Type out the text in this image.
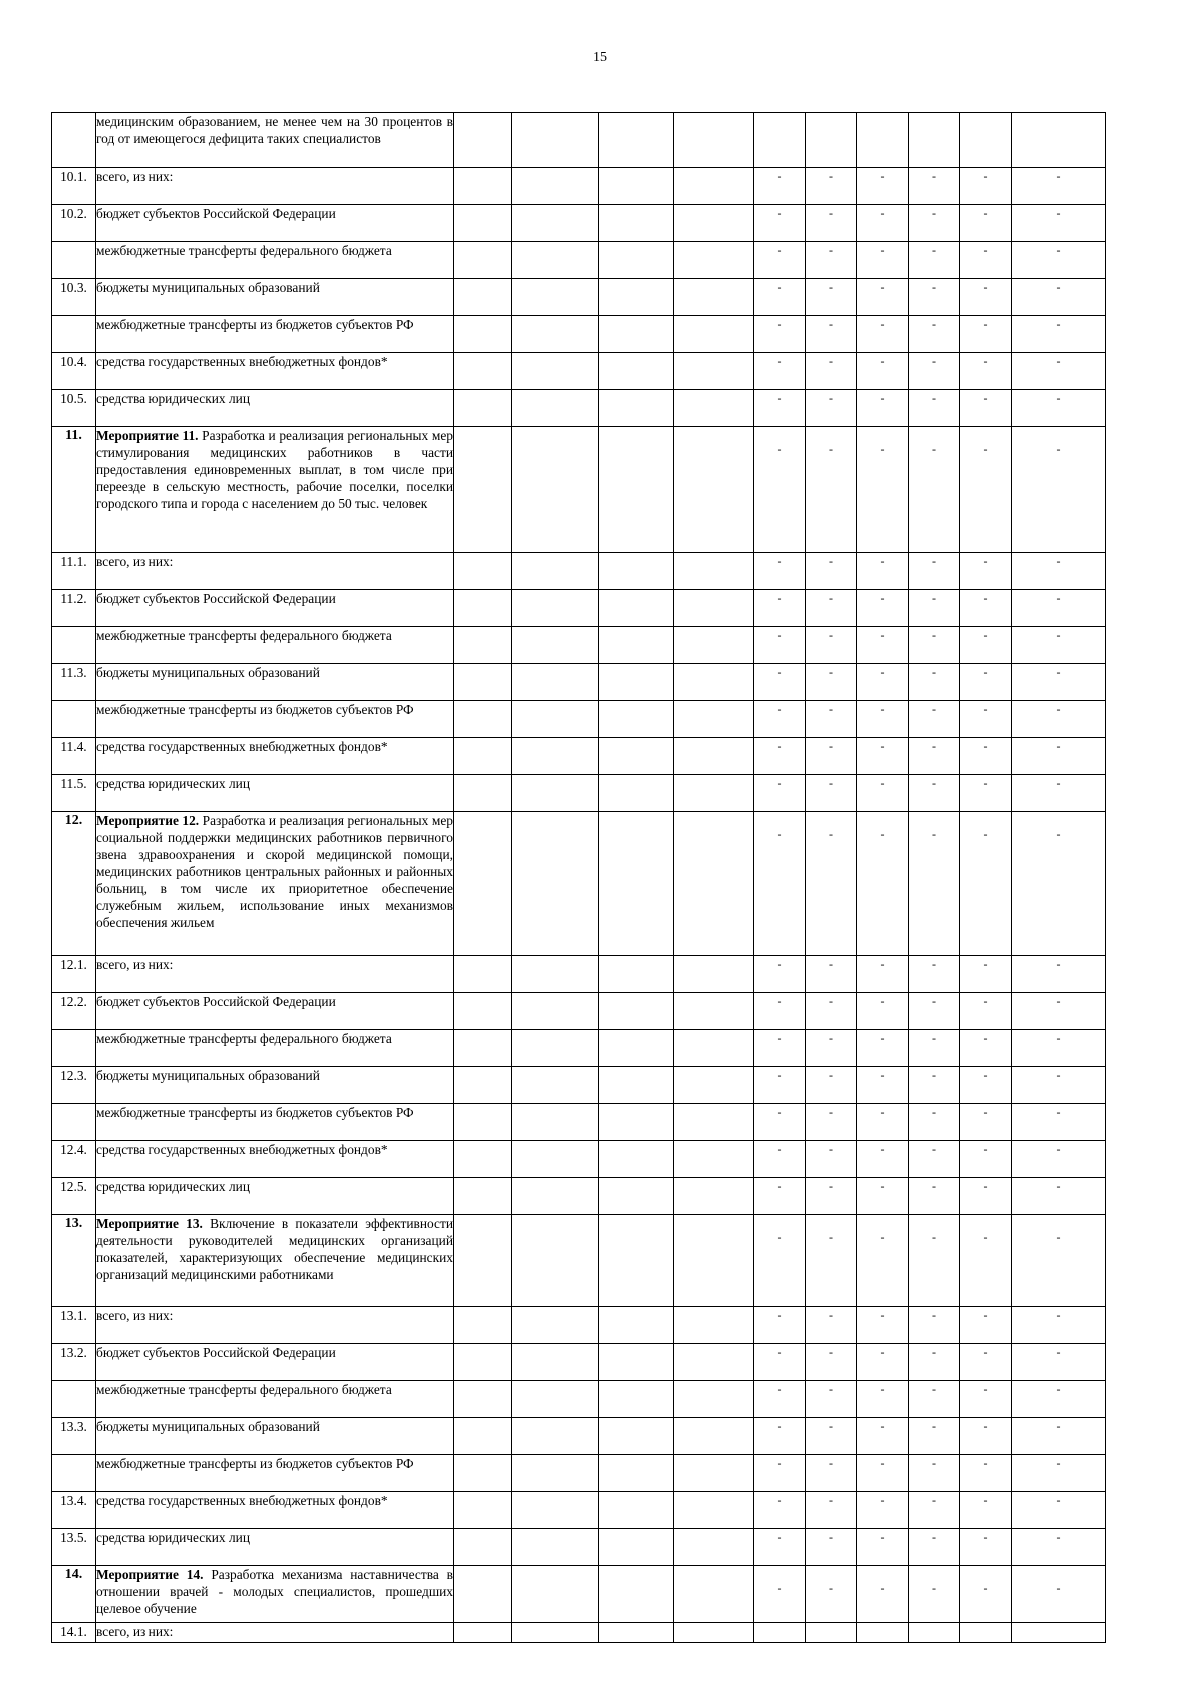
15
	медицинским образованием, не менее чем на 30 процентов в год от имеющегося дефицита таких специалистов										
10.1.	всего, из них:					-	-	-	-	-	-
10.2.	бюджет субъектов Российской Федерации					-	-	-	-	-	-
	межбюджетные трансферты федерального бюджета					-	-	-	-	-	-
10.3.	бюджеты муниципальных образований					-	-	-	-	-	-
	межбюджетные трансферты из бюджетов субъектов РФ					-	-	-	-	-	-
10.4.	средства государственных внебюджетных фондов*					-	-	-	-	-	-
10.5.	средства юридических лиц					-	-	-	-	-	-
11.	Мероприятие 11. Разработка и реализация региональных мер стимулирования медицинских работников в части предоставления единовременных выплат, в том числе при переезде в сельскую местность, рабочие поселки, поселки городского типа и города с населением до 50 тыс. человек					-	-	-	-	-	-
11.1.	всего, из них:					-	-	-	-	-	-
11.2.	бюджет субъектов Российской Федерации					-	-	-	-	-	-
	межбюджетные трансферты федерального бюджета					-	-	-	-	-	-
11.3.	бюджеты муниципальных образований					-	-	-	-	-	-
	межбюджетные трансферты из бюджетов субъектов РФ					-	-	-	-	-	-
11.4.	средства государственных внебюджетных фондов*					-	-	-	-	-	-
11.5.	средства юридических лиц					-	-	-	-	-	-
12.	Мероприятие 12. Разработка и реализация региональных мер социальной поддержки медицинских работников первичного звена здравоохранения и скорой медицинской помощи, медицинских работников центральных районных и районных больниц, в том числе их приоритетное обеспечение служебным жильем, использование иных механизмов обеспечения жильем					-	-	-	-	-	-
12.1.	всего, из них:					-	-	-	-	-	-
12.2.	бюджет субъектов Российской Федерации					-	-	-	-	-	-
	межбюджетные трансферты федерального бюджета					-	-	-	-	-	-
12.3.	бюджеты муниципальных образований					-	-	-	-	-	-
	межбюджетные трансферты из бюджетов субъектов РФ					-	-	-	-	-	-
12.4.	средства государственных внебюджетных фондов*					-	-	-	-	-	-
12.5.	средства юридических лиц					-	-	-	-	-	-
13.	Мероприятие 13. Включение в показатели эффективности деятельности руководителей медицинских организаций показателей, характеризующих обеспечение медицинских организаций медицинскими работниками					-	-	-	-	-	-
13.1.	всего, из них:					-	-	-	-	-	-
13.2.	бюджет субъектов Российской Федерации					-	-	-	-	-	-
	межбюджетные трансферты федерального бюджета					-	-	-	-	-	-
13.3.	бюджеты муниципальных образований					-	-	-	-	-	-
	межбюджетные трансферты из бюджетов субъектов РФ					-	-	-	-	-	-
13.4.	средства государственных внебюджетных фондов*					-	-	-	-	-	-
13.5.	средства юридических лиц					-	-	-	-	-	-
14.	Мероприятие 14. Разработка механизма наставничества в отношении врачей - молодых специалистов, прошедших целевое обучение					-	-	-	-	-	-
14.1.	всего, из них:										
